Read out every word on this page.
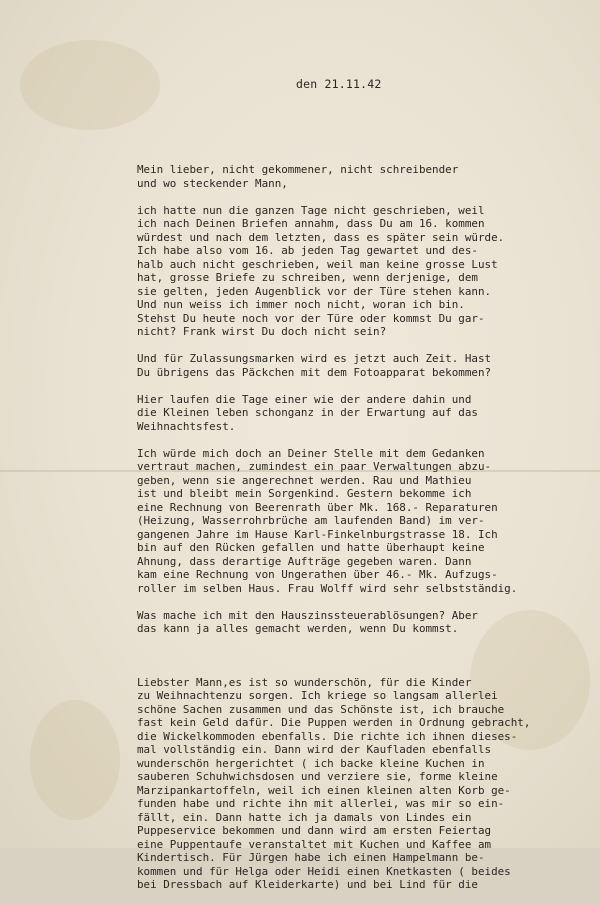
den 21.11.42
Mein lieber, nicht gekommener, nicht schreibender
und wo steckender Mann,
ich hatte nun die ganzen Tage nicht geschrieben, weil
ich nach Deinen Briefen annahm, dass Du am 16. kommen
würdest und nach dem letzten, dass es später sein würde.
Ich habe also vom 16. ab jeden Tag gewartet und des-
halb auch nicht geschrieben, weil man keine grosse Lust
hat, grosse Briefe zu schreiben, wenn derjenige, dem
sie gelten, jeden Augenblick vor der Türe stehen kann.
Und nun weiss ich immer noch nicht, woran ich bin.
Stehst Du heute noch vor der Türe oder kommst Du gar-
nicht? Frank wirst Du doch nicht sein?
Und für Zulassungsmarken wird es jetzt auch Zeit. Hast
Du übrigens das Päckchen mit dem Fotoapparat bekommen?
Hier laufen die Tage einer wie der andere dahin und
die Kleinen leben schonganz in der Erwartung auf das
Weihnachtsfest.
Ich würde mich doch an Deiner Stelle mit dem Gedanken
vertraut machen, zumindest ein paar Verwaltungen abzu-
geben, wenn sie angerechnet werden. Rau und Mathieu
ist und bleibt mein Sorgenkind. Gestern bekomme ich
eine Rechnung von Beerenrath über Mk. 168.- Reparaturen
(Heizung, Wasserrohrbrüche am laufenden Band) im ver-
gangenen Jahre im Hause Karl-Finkelnburgstrasse 18. Ich
bin auf den Rücken gefallen und hatte überhaupt keine
Ahnung, dass derartige Aufträge gegeben waren. Dann
kam eine Rechnung von Ungerathen über 46.- Mk. Aufzugs-
roller im selben Haus. Frau Wolff wird sehr selbstständig.
Was mache ich mit den Hauszinssteuerablösungen? Aber
das kann ja alles gemacht werden, wenn Du kommst.
Liebster Mann,es ist so wunderschön, für die Kinder
zu Weihnachtenzu sorgen. Ich kriege so langsam allerlei
schöne Sachen zusammen und das Schönste ist, ich brauche
fast kein Geld dafür. Die Puppen werden in Ordnung gebracht,
die Wickelkommoden ebenfalls. Die richte ich ihnen dieses-
mal vollständig ein. Dann wird der Kaufladen ebenfalls
wunderschön hergerichtet ( ich backe kleine Kuchen in
sauberen Schuhwichsdosen und verziere sie, forme kleine
Marzipankartoffeln, weil ich einen kleinen alten Korb ge-
funden habe und richte ihn mit allerlei, was mir so ein-
fällt, ein. Dann hatte ich ja damals von Lindes ein
Puppeservice bekommen und dann wird am ersten Feiertag
eine Puppentaufe veranstaltet mit Kuchen und Kaffee am
Kindertisch. Für Jürgen habe ich einen Hampelmann be-
kommen und für Helga oder Heidi einen Knetkasten ( beides
bei Dressbach auf Kleiderkarte) und bei Lind für die
